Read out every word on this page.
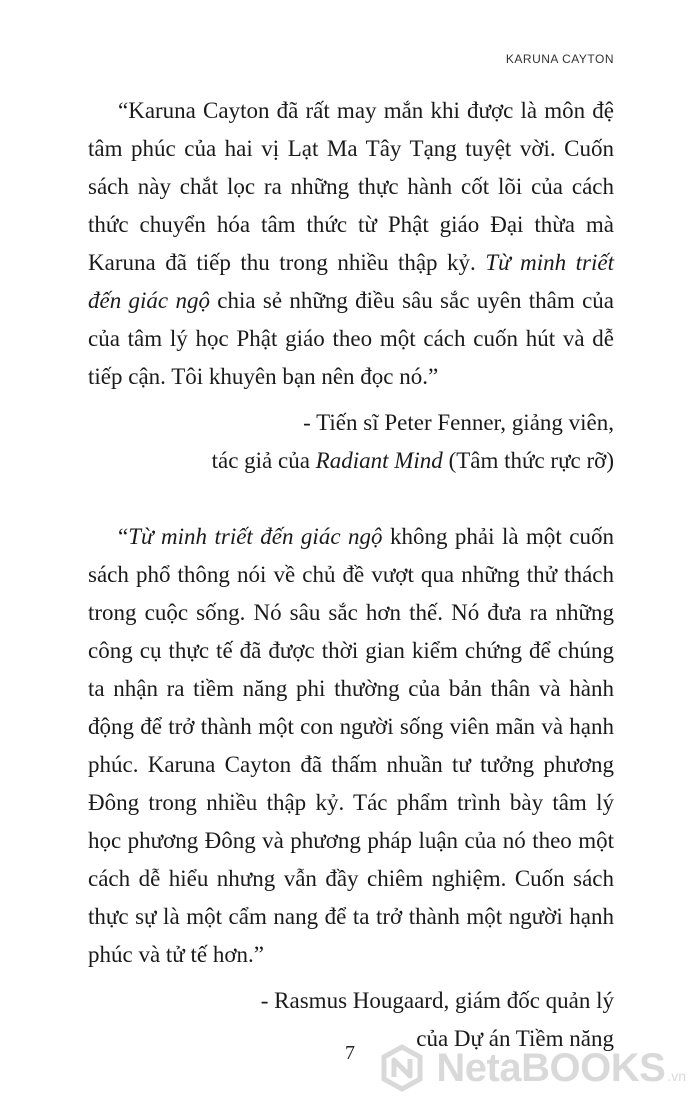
KARUNA CAYTON

“Karuna Cayton đã rất may mắn khi được là môn đệ tâm phúc của hai vị Lạt Ma Tây Tạng tuyệt vời. Cuốn sách này chắt lọc ra những thực hành cốt lõi của cách thức chuyển hóa tâm thức từ Phật giáo Đại thừa mà Karuna đã tiếp thu trong nhiều thập kỷ. Từ minh triết đến giác ngộ chia sẻ những điều sâu sắc uyên thâm của của tâm lý học Phật giáo theo một cách cuốn hút và dễ tiếp cận. Tôi khuyên bạn nên đọc nó.”

- Tiến sĩ Peter Fenner, giảng viên,
tác giả của Radiant Mind (Tâm thức rực rỡ)

“Từ minh triết đến giác ngộ không phải là một cuốn sách phổ thông nói về chủ đề vượt qua những thử thách trong cuộc sống. Nó sâu sắc hơn thế. Nó đưa ra những công cụ thực tế đã được thời gian kiểm chứng để chúng ta nhận ra tiềm năng phi thường của bản thân và hành động để trở thành một con người sống viên mãn và hạnh phúc. Karuna Cayton đã thấm nhuần tư tưởng phương Đông trong nhiều thập kỷ. Tác phẩm trình bày tâm lý học phương Đông và phương pháp luận của nó theo một cách dễ hiểu nhưng vẫn đầy chiêm nghiệm. Cuốn sách thực sự là một cẩm nang để ta trở thành một người hạnh phúc và tử tế hơn.”

- Rasmus Hougaard, giám đốc quản lý
của Dự án Tiềm năng
7	NetaBOOKS .vn
